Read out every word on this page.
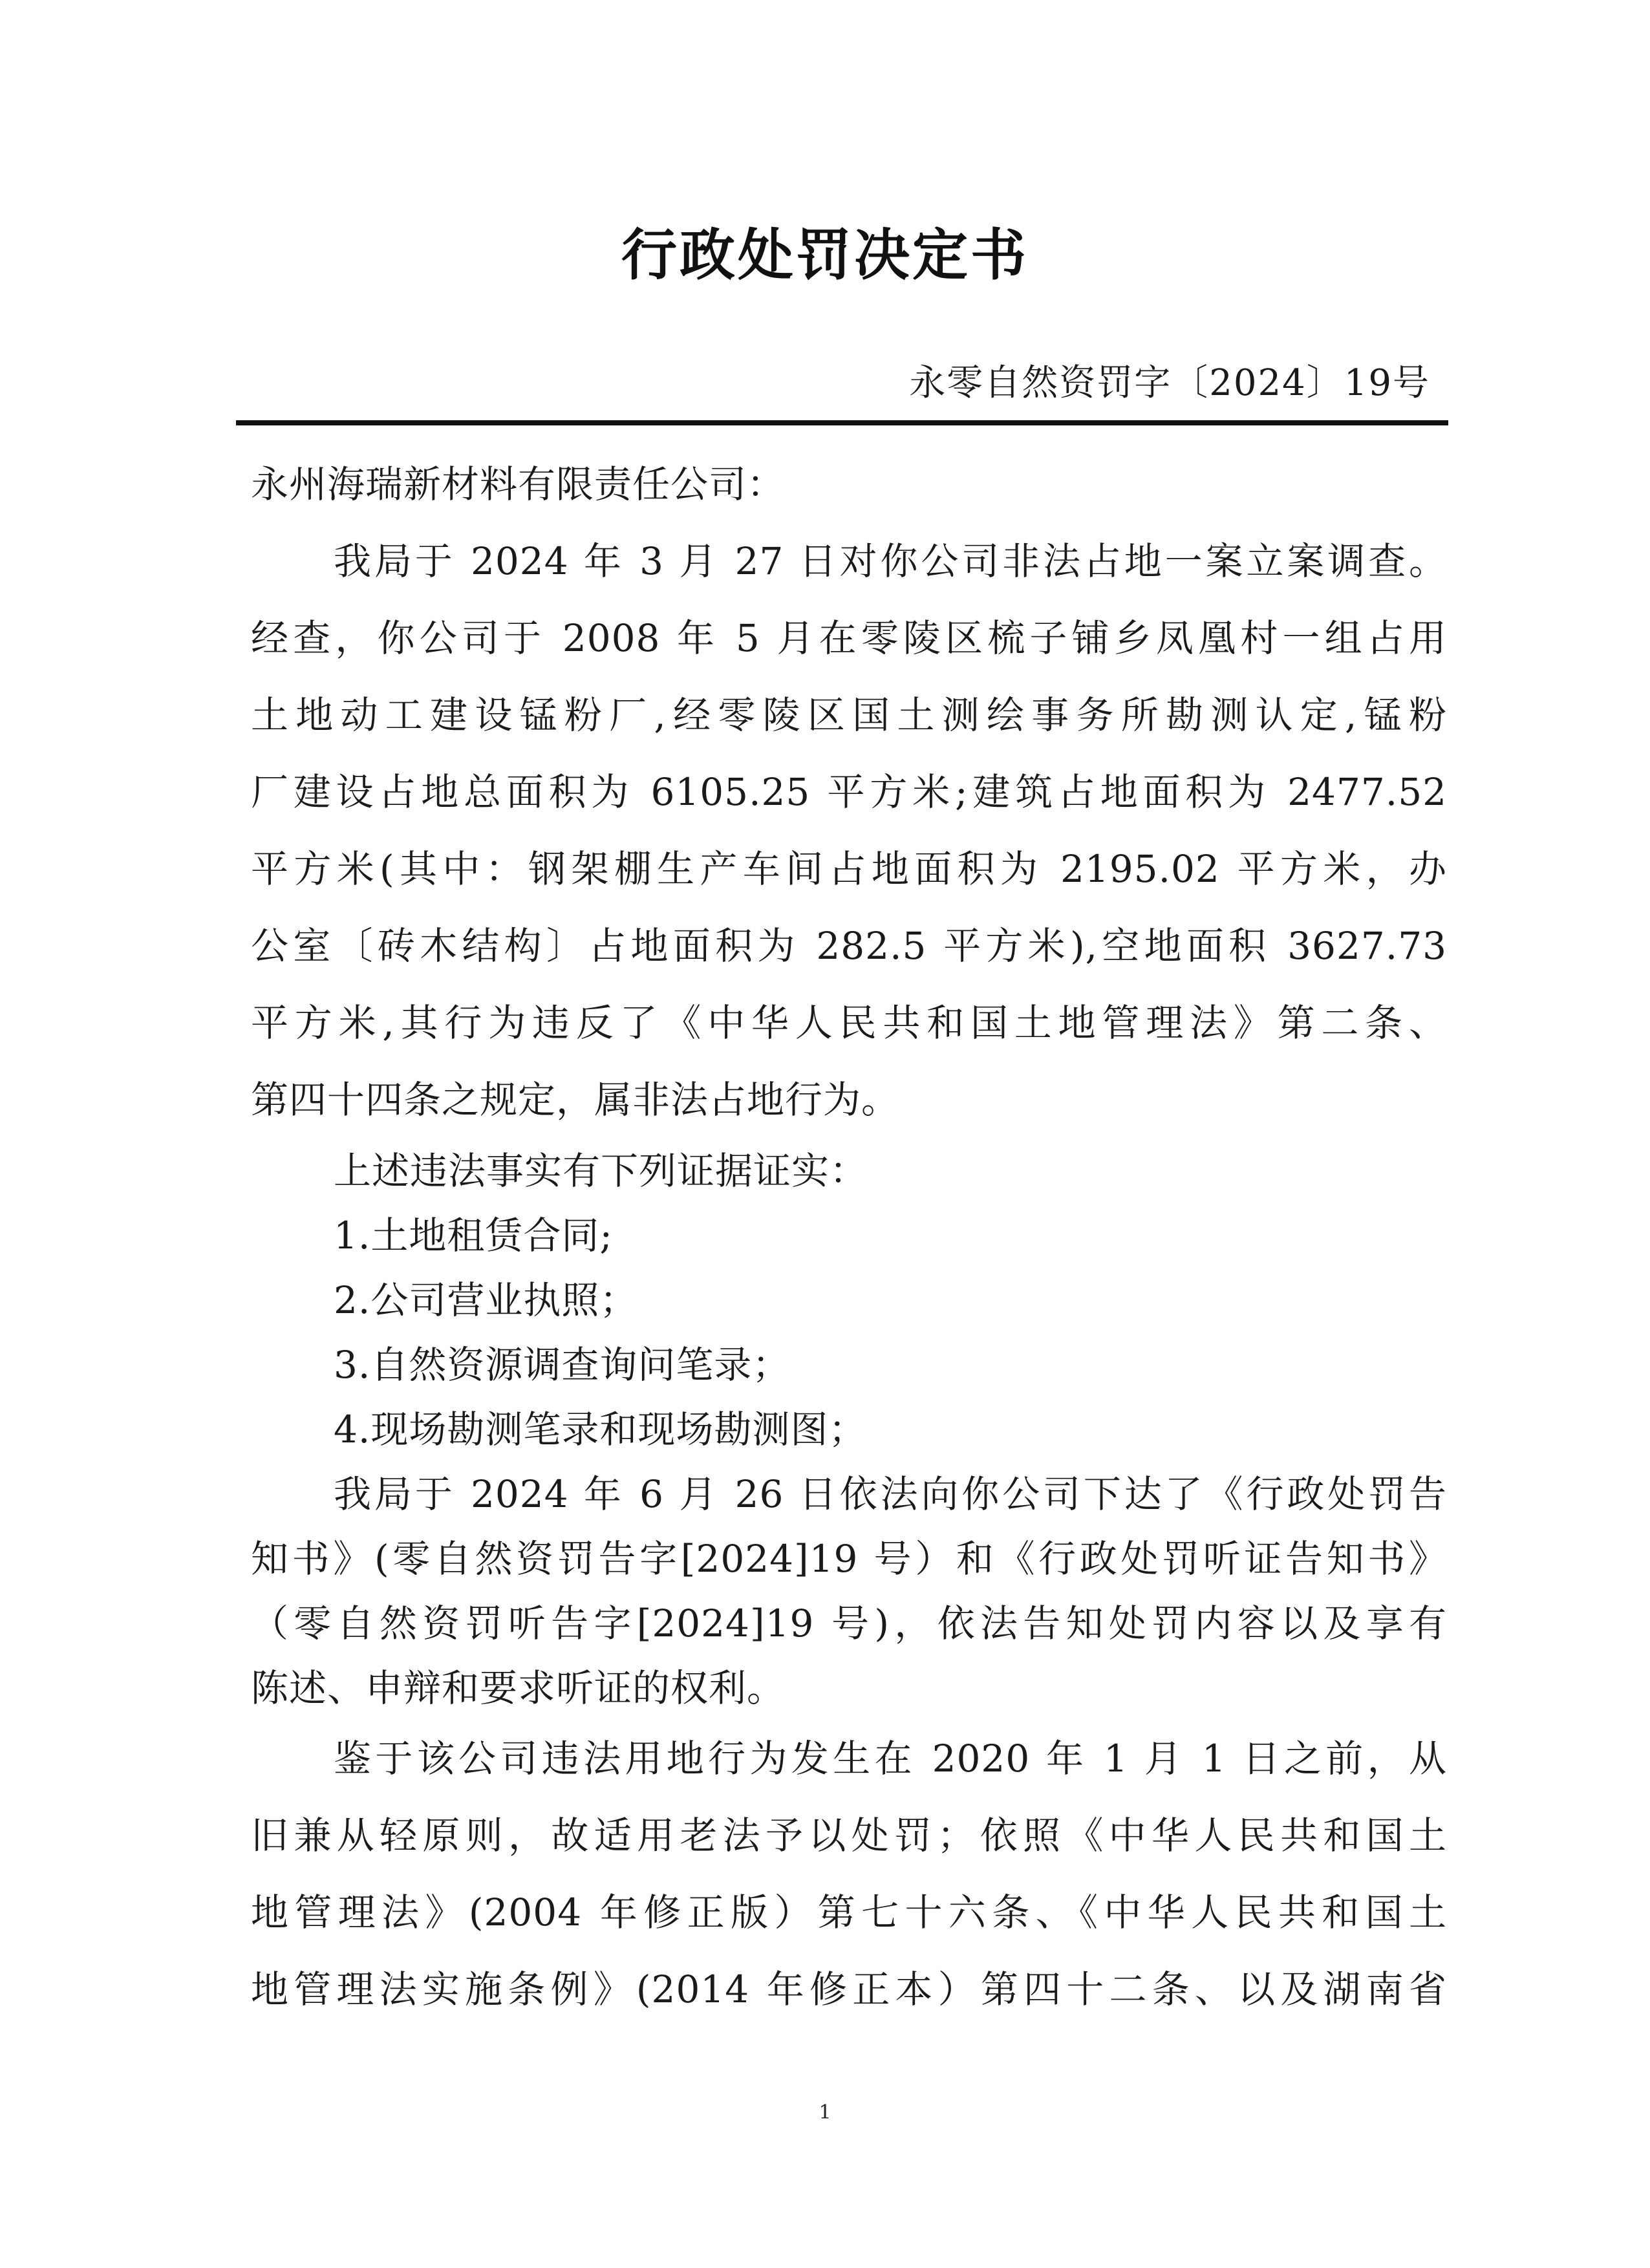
行政处罚决定书
永零自然资罚字〔2024〕19号
永州海瑞新材料有限责任公司：
我局于 2024 年 3 月 27 日对你公司非法占地一案立案调查。
经查，你公司于 2008 年 5 月在零陵区梳子铺乡凤凰村一组占用
土地动工建设锰粉厂,经零陵区国土测绘事务所勘测认定,锰粉
厂建设占地总面积为 6105.25 平方米;建筑占地面积为 2477.52
平方米(其中：钢架棚生产车间占地面积为 2195.02 平方米，办
公室〔砖木结构〕占地面积为 282.5 平方米),空地面积 3627.73
平方米,其行为违反了《中华人民共和国土地管理法》第二条、
第四十四条之规定，属非法占地行为。
上述违法事实有下列证据证实：
1.土地租赁合同;
2.公司营业执照；
3.自然资源调查询问笔录；
4.现场勘测笔录和现场勘测图；
我局于 2024 年 6 月 26 日依法向你公司下达了《行政处罚告
知书》(零自然资罚告字[2024]19 号）和《行政处罚听证告知书》
（零自然资罚听告字[2024]19 号)，依法告知处罚内容以及享有
陈述、申辩和要求听证的权利。
鉴于该公司违法用地行为发生在 2020 年 1 月 1 日之前，从
旧兼从轻原则，故适用老法予以处罚；依照《中华人民共和国土
地管理法》(2004 年修正版）第七十六条、《中华人民共和国土
地管理法实施条例》(2014 年修正本）第四十二条、以及湖南省
1
